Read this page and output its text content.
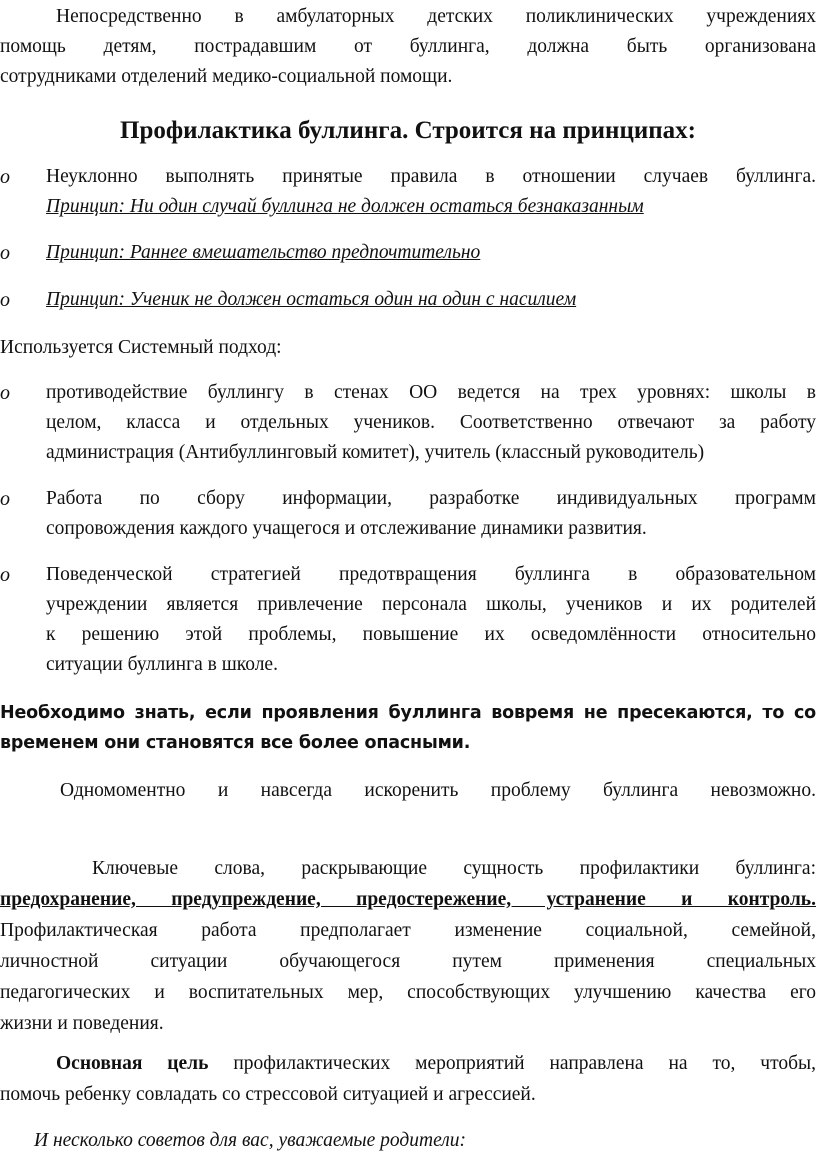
Непосредственно в амбулаторных детских поликлинических учреждениях
помощь детям, пострадавшим от буллинга, должна быть организована
сотрудниками отделений медико-социальной помощи.
Профилактика буллинга. Строится на принципах:
o	Неуклонно выполнять принятые правила в отношении случаев буллинга.
Принцип: Ни один случай буллинга не должен остаться безнаказанным
o	Принцип: Раннее вмешательство предпочтительно
o	Принцип: Ученик не должен остаться один на один с насилием
Используется Системный подход:
o	противодействие буллингу в стенах ОО ведется на трех уровнях: школы в
целом, класса и отдельных учеников. Соответственно отвечают за работу
администрация (Антибуллинговый комитет), учитель (классный руководитель)
o	Работа по сбору информации, разработке индивидуальных программ
сопровождения каждого учащегося и отслеживание динамики развития.
o	Поведенческой стратегией предотвращения буллинга в образовательном
учреждении является привлечение персонала школы, учеников и их родителей
к решению этой проблемы, повышение их осведомлённости относительно
ситуации буллинга в школе.
Необходимо знать, если проявления буллинга вовремя не пресекаются, то со
временем они становятся все более опасными.
Одномоментно и навсегда искоренить проблему буллинга невозможно.
Ключевые слова, раскрывающие сущность профилактики буллинга:
предохранение, предупреждение, предостережение, устранение и контроль.
Профилактическая работа предполагает изменение социальной, семейной,
личностной ситуации обучающегося путем применения специальных
педагогических и воспитательных мер, способствующих улучшению качества его
жизни и поведения.
Основная цель профилактических мероприятий направлена на то, чтобы,
помочь ребенку совладать со стрессовой ситуацией и агрессией.
И несколько советов для вас, уважаемые родители:
